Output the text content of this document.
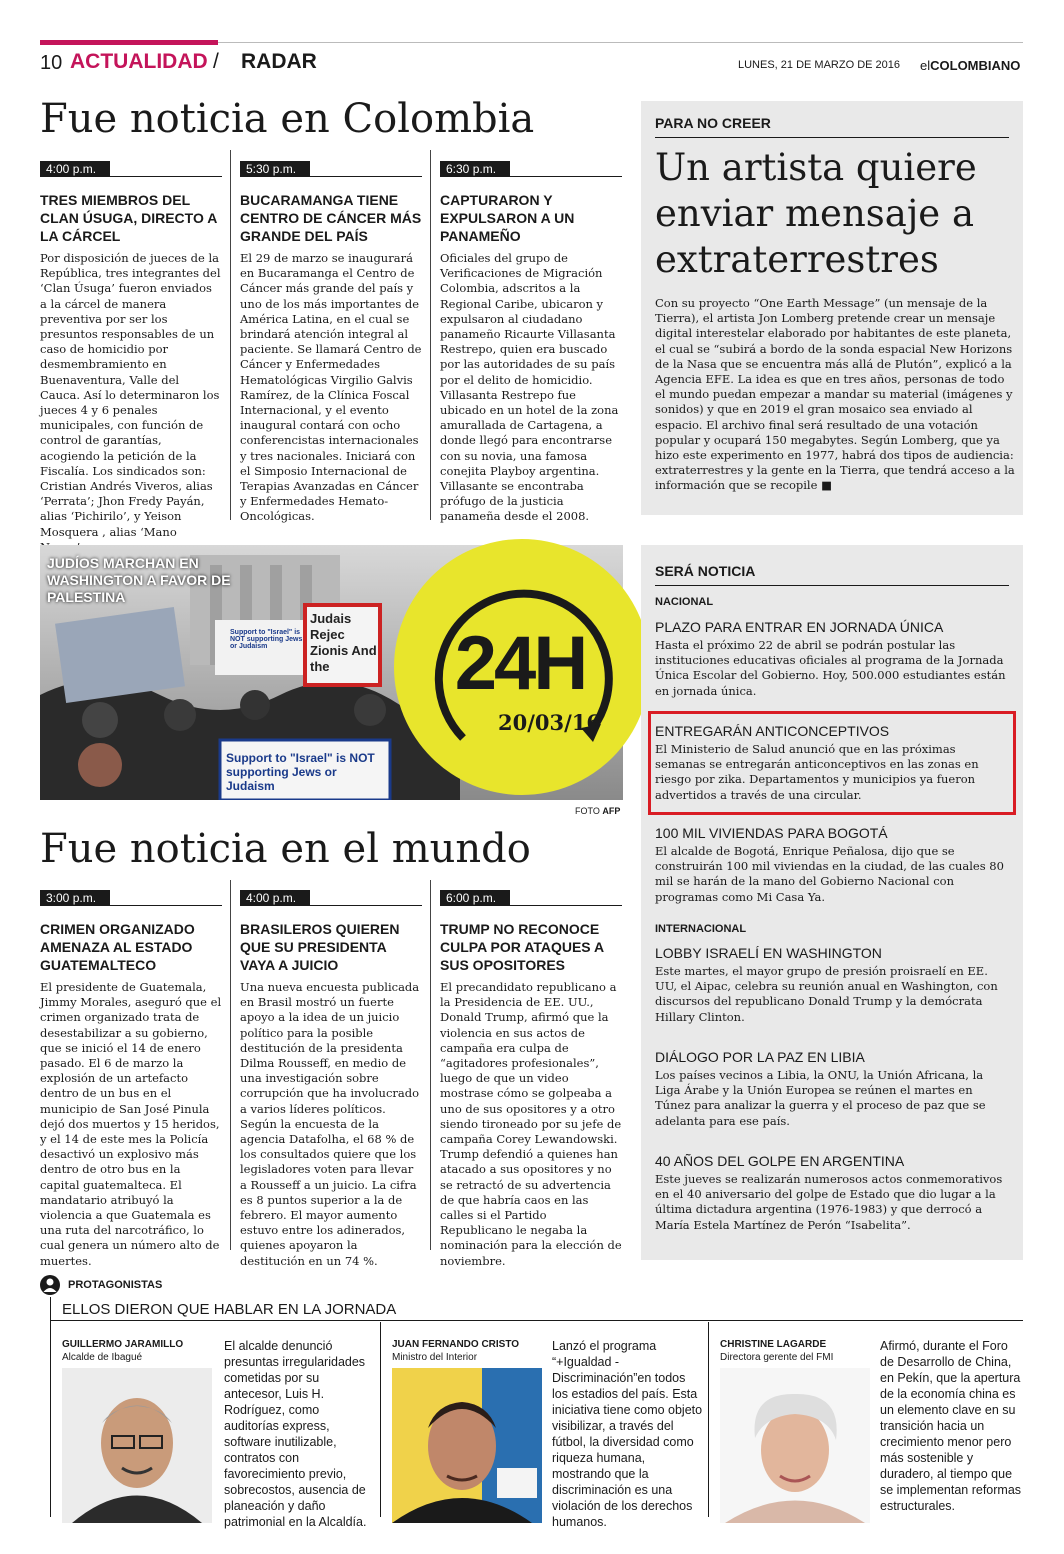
10 ACTUALIDAD / RADAR	LUNES, 21 DE MARZO DE 2016 elCOLOMBIANO
Fue noticia en Colombia
4:00 p.m.
TRES MIEMBROS DEL CLAN ÚSUGA, DIRECTO A LA CÁRCEL
Por disposición de jueces de la República, tres integrantes del ‘Clan Úsuga’ fueron enviados a la cárcel de manera preventiva por ser los presuntos responsables de un caso de homicidio por desmembramiento en Buenaventura, Valle del Cauca. Así lo determinaron los jueces 4 y 6 penales municipales, con función de control de garantías, acogiendo la petición de la Fiscalía. Los sindicados son: Cristian Andrés Viveros, alias ‘Perrata’; Jhon Fredy Payán, alias ‘Pichirilo’, y Yeison Mosquera , alias ‘Mano
5:30 p.m.
BUCARAMANGA TIENE CENTRO DE CÁNCER MÁS GRANDE DEL PAÍS
El 29 de marzo se inaugurará en Bucaramanga el Centro de Cáncer más grande del país y uno de los más importantes de América Latina, en el cual se brindará atención integral al paciente. Se llamará Centro de Cáncer y Enfermedades Hematológicas Virgilio Galvis Ramírez, de la Clínica Foscal Internacional, y el evento inaugural contará con ocho conferencistas internacionales y tres nacionales. Iniciará con el Simposio Internacional de Terapias Avanzadas en Cáncer y Enfermedades Hemato-Oncológicas.
6:30 p.m.
CAPTURARON Y EXPULSARON A UN PANAMEÑO
Oficiales del grupo de Verificaciones de Migración Colombia, adscritos a la Regional Caribe, ubicaron y expulsaron al ciudadano panameño Ricaurte Villasanta Restrepo, quien era buscado por las autoridades de su país por el delito de homicidio. Villasanta Restrepo fue ubicado en un hotel de la zona amurallada de Cartagena, a donde llegó para encontrarse con su novia, una famosa conejita Playboy argentina. Villasante se encontraba prófugo de la justicia panameña desde el 2008.
Support to "Israel" is NOT supporting Jews or Judaism
Judais Rejec Zionis And the
Support to "Israel" is NOT supporting Jews or Judaism
JUDÍOS MARCHAN EN WASHINGTON A FAVOR DE PALESTINA
24H
20/03/16
FOTO AFP
Fue noticia en el mundo
3:00 p.m.
CRIMEN ORGANIZADO AMENAZA AL ESTADO GUATEMALTECO
El presidente de Guatemala, Jimmy Morales, aseguró que el crimen organizado trata de desestabilizar a su gobierno, que se inició el 14 de enero pasado. El 6 de marzo la explosión de un artefacto dentro de un bus en el municipio de San José Pinula dejó dos muertos y 15 heridos, y el 14 de este mes la Policía desactivó un explosivo más dentro de otro bus en la capital guatemalteca. El mandatario atribuyó la violencia a que Guatemala es una ruta del narcotráfico, lo cual genera un número alto de muertes.
4:00 p.m.
BRASILEROS QUIEREN QUE SU PRESIDENTA VAYA A JUICIO
Una nueva encuesta publicada en Brasil mostró un fuerte apoyo a la idea de un juicio político para la posible destitución de la presidenta Dilma Rousseff, en medio de una investigación sobre corrupción que ha involucrado a varios líderes políticos. Según la encuesta de la agencia Datafolha, el 68 % de los consultados quiere que los legisladores voten para llevar a Rousseff a un juicio. La cifra es 8 puntos superior a la de febrero. El mayor aumento estuvo entre los adinerados, quienes apoyaron la destitución en un 74 %.
6:00 p.m.
TRUMP NO RECONOCE CULPA POR ATAQUES A SUS OPOSITORES
El precandidato republicano a la Presidencia de EE. UU., Donald Trump, afirmó que la violencia en sus actos de campaña era culpa de “agitadores profesionales”, luego de que un video mostrase cómo se golpeaba a uno de sus opositores y a otro siendo tironeado por su jefe de campaña Corey Lewandowski. Trump defendió a quienes han atacado a sus opositores y no se retractó de su advertencia de que habría caos en las calles si el Partido Republicano le negaba la nominación para la elección de noviembre.
PARA NO CREER
Un artista quiere enviar mensaje a extraterrestres
Con su proyecto “One Earth Message” (un mensaje de la Tierra), el artista Jon Lomberg pretende crear un mensaje digital interestelar elaborado por habitantes de este planeta, el cual se “subirá a bordo de la sonda espacial New Horizons de la Nasa que se encuentra más allá de Plutón”, explicó a la Agencia EFE. La idea es que en tres años, personas de todo el mundo puedan empezar a mandar su material (imágenes y sonidos) y que en 2019 el gran mosaico sea enviado al espacio. El archivo final será resultado de una votación popular y ocupará 150 megabytes. Según Lomberg, que ya hizo este experimento en 1977, habrá dos tipos de audiencia: extraterrestres y la gente en la Tierra, que tendrá acceso a la información que se recopile ■
SERÁ NOTICIA
NACIONAL
PLAZO PARA ENTRAR EN JORNADA ÚNICA
Hasta el próximo 22 de abril se podrán postular las instituciones educativas oficiales al programa de la Jornada Única Escolar del Gobierno. Hoy, 500.000 estudiantes están en jornada única.
ENTREGARÁN ANTICONCEPTIVOS
El Ministerio de Salud anunció que en las próximas semanas se entregarán anticonceptivos en las zonas en riesgo por zika. Departamentos y municipios ya fueron advertidos a través de una circular.
100 MIL VIVIENDAS PARA BOGOTÁ
El alcalde de Bogotá, Enrique Peñalosa, dijo que se construirán 100 mil viviendas en la ciudad, de las cuales 80 mil se harán de la mano del Gobierno Nacional con programas como Mi Casa Ya.
INTERNACIONAL
LOBBY ISRAELÍ EN WASHINGTON
Este martes, el mayor grupo de presión proisraelí en EE. UU, el Aipac, celebra su reunión anual en Washington, con discursos del republicano Donald Trump y la demócrata Hillary Clinton.
DIÁLOGO POR LA PAZ EN LIBIA
Los países vecinos a Libia, la ONU, la Unión Africana, la Liga Árabe y la Unión Europea se reúnen el martes en Túnez para analizar la guerra y el proceso de paz que se adelanta para ese país.
40 AÑOS DEL GOLPE EN ARGENTINA
Este jueves se realizarán numerosos actos conmemorativos en el 40 aniversario del golpe de Estado que dio lugar a la última dictadura argentina (1976-1983) y que derrocó a María Estela Martínez de Perón “Isabelita”.
PROTAGONISTAS
ELLOS DIERON QUE HABLAR EN LA JORNADA
GUILLERMO JARAMILLO
Alcalde de Ibagué
El alcalde denunció presuntas irregularidades cometidas por su antecesor, Luis H. Rodríguez, como auditorías express, software inutilizable, contratos con favorecimiento previo, sobrecostos, ausencia de planeación y daño patrimonial en la Alcaldía.
JUAN FERNANDO CRISTO
Ministro del Interior
Lanzó el programa “+Igualdad -Discriminación”en todos los estadios del país. Esta iniciativa tiene como objeto visibilizar, a través del fútbol, la diversidad como riqueza humana, mostrando que la discriminación es una violación de los derechos humanos.
CHRISTINE LAGARDE
Directora gerente del FMI
Afirmó, durante el Foro de Desarrollo de China, en Pekín, que la apertura de la economía china es un elemento clave en su transición hacia un crecimiento menor pero más sostenible y duradero, al tiempo que se implementan reformas estructurales.
